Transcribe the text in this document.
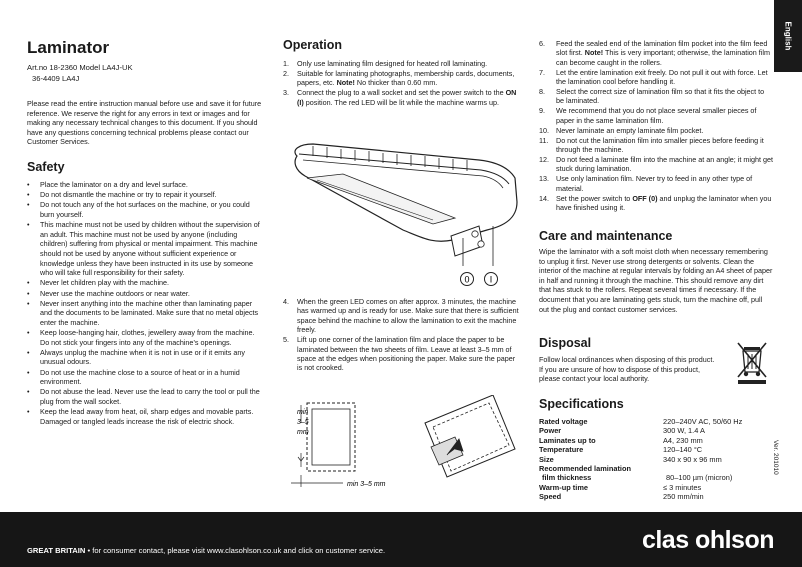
English
Ver. 201010
Laminator
Art.no 18-2360 Model LA4J-UK
36-4409 LA4J

Please read the entire instruction manual before use and save it for future reference. We reserve the right for any errors in text or images and for making any necessary technical changes to this document. If you should have any questions concerning technical problems please contact our Customer Services.

Safety
• Place the laminator on a dry and level surface.
• Do not dismantle the machine or try to repair it yourself.
• Do not touch any of the hot surfaces on the machine, or you could burn yourself.
• This machine must not be used by children without the supervision of an adult. This machine must not be used by anyone (including children) suffering from physical or mental impairment. This machine should not be used by anyone without sufficient experience or knowledge unless they have been instructed in its use by someone who will take full responsibility for their safety.
• Never let children play with the machine.
• Never use the machine outdoors or near water.
• Never insert anything into the machine other than laminating paper and the documents to be laminated. Make sure that no metal objects enter the machine.
• Keep loose-hanging hair, clothes, jewellery away from the machine. Do not stick your fingers into any of the machine’s openings.
• Always unplug the machine when it is not in use or if it emits any unusual odours.
• Do not use the machine close to a source of heat or in a humid environment.
• Do not abuse the lead. Never use the lead to carry the tool or pull the plug from the wall socket.
• Keep the lead away from heat, oil, sharp edges and movable parts. Damaged or tangled leads increase the risk of electric shock.
Operation
1. Only use laminating film designed for heated roll laminating.
2. Suitable for laminating photographs, membership cards, documents, papers, etc. Note! No thicker than 0.60 mm.
3. Connect the plug to a wall socket and set the power switch to the ON (I) position. The red LED will be lit while the machine warms up.
0 I
4. When the green LED comes on after approx. 3 minutes, the machine has warmed up and is ready for use. Make sure that there is sufficient space behind the machine to allow the lamination to exit the machine freely.
5. Lift up one corner of the lamination film and place the paper to be laminated between the two sheets of film. Leave at least 3–5 mm of space at the edges when positioning the paper. Make sure the paper is not crooked.
min
3–5
mm
min 3–5 mm
6. Feed the sealed end of the lamination film pocket into the film feed slot first. Note! This is very important; otherwise, the lamination film can become caught in the rollers.
7. Let the entire lamination exit freely. Do not pull it out with force. Let the lamination cool before handling it.
8. Select the correct size of lamination film so that it fits the object to be laminated.
9. We recommend that you do not place several smaller pieces of paper in the same lamination film.
10. Never laminate an empty laminate film pocket.
11. Do not cut the lamination film into smaller pieces before feeding it through the machine.
12. Do not feed a laminate film into the machine at an angle; it might get stuck during lamination.
13. Use only lamination film. Never try to feed in any other type of material.
14. Set the power switch to OFF (0) and unplug the laminator when you have finished using it.
Care and maintenance

Wipe the laminator with a soft moist cloth when necessary remembering to unplug it first. Never use strong detergents or solvents. Clean the interior of the machine at regular intervals by folding an A4 sheet of paper in half and running it through the machine. This should remove any dirt that has stuck to the rollers. Repeat several times if necessary. If the document that you are laminating gets stuck, turn the machine off, pull out the plug and contact customer services.

Disposal

Follow local ordinances when disposing of this product. If you are unsure of how to dispose of this product, please contact your local authority.

Specifications
Rated voltage	220–240V AC, 50/60 Hz
Power	300 W, 1.4 A
Laminates up to	A4, 230 mm
Temperature	120–140 °C
Size	340 x 90 x 96 mm
Recommended lamination
film thickness	80–100 µm (micron)
Warm-up time	≤ 3 minutes
Speed	250 mm/min
GREAT BRITAIN • for consumer contact, please visit www.clasohlson.co.uk and click on customer service.	clas ohlson
